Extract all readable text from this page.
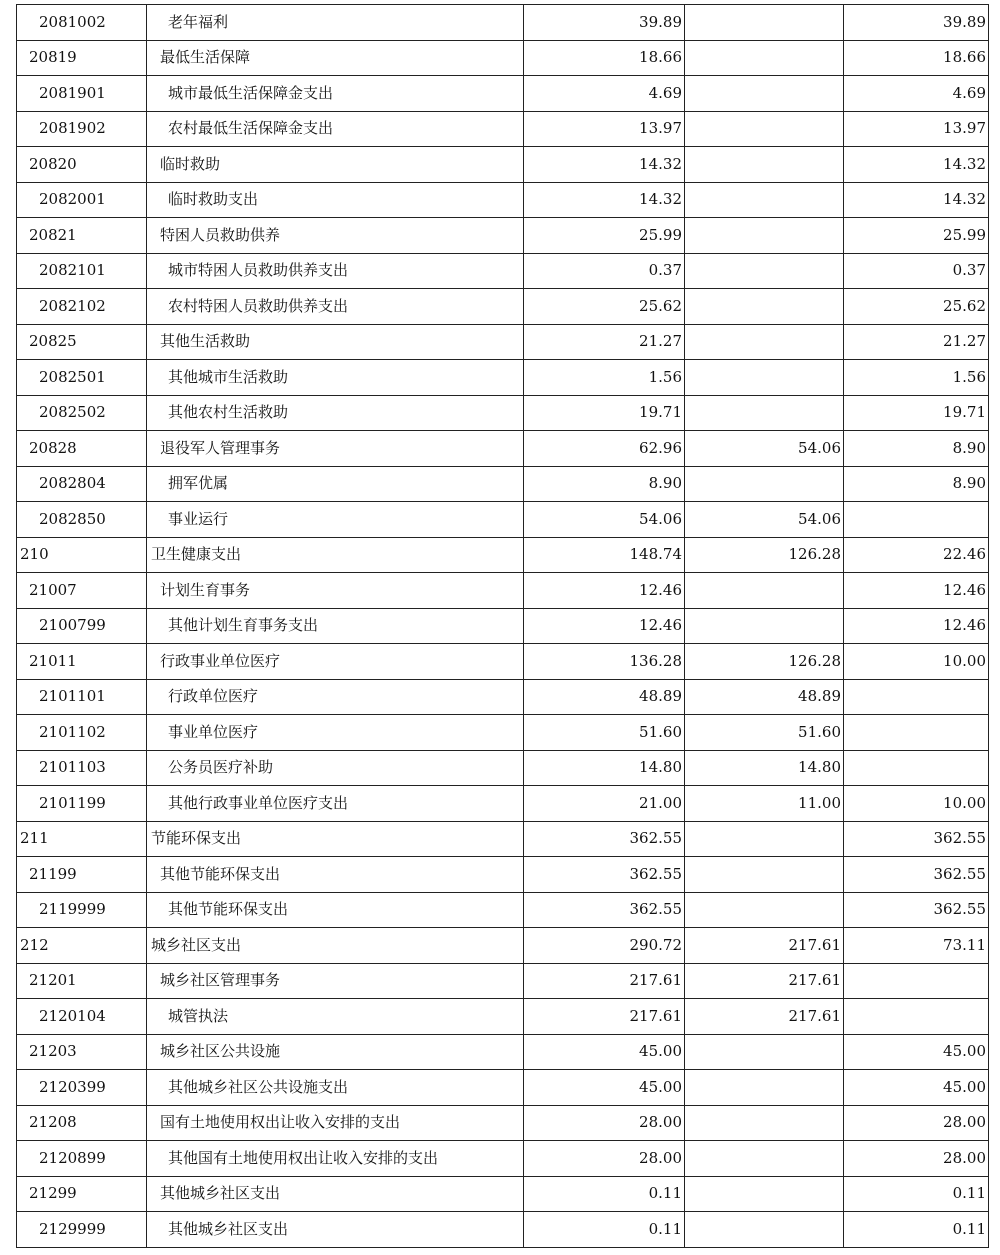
2081002	老年福利	39.89		39.89
20819	最低生活保障	18.66		18.66
2081901	城市最低生活保障金支出	4.69		4.69
2081902	农村最低生活保障金支出	13.97		13.97
20820	临时救助	14.32		14.32
2082001	临时救助支出	14.32		14.32
20821	特困人员救助供养	25.99		25.99
2082101	城市特困人员救助供养支出	0.37		0.37
2082102	农村特困人员救助供养支出	25.62		25.62
20825	其他生活救助	21.27		21.27
2082501	其他城市生活救助	1.56		1.56
2082502	其他农村生活救助	19.71		19.71
20828	退役军人管理事务	62.96	54.06	8.90
2082804	拥军优属	8.90		8.90
2082850	事业运行	54.06	54.06	
210	卫生健康支出	148.74	126.28	22.46
21007	计划生育事务	12.46		12.46
2100799	其他计划生育事务支出	12.46		12.46
21011	行政事业单位医疗	136.28	126.28	10.00
2101101	行政单位医疗	48.89	48.89	
2101102	事业单位医疗	51.60	51.60	
2101103	公务员医疗补助	14.80	14.80	
2101199	其他行政事业单位医疗支出	21.00	11.00	10.00
211	节能环保支出	362.55		362.55
21199	其他节能环保支出	362.55		362.55
2119999	其他节能环保支出	362.55		362.55
212	城乡社区支出	290.72	217.61	73.11
21201	城乡社区管理事务	217.61	217.61	
2120104	城管执法	217.61	217.61	
21203	城乡社区公共设施	45.00		45.00
2120399	其他城乡社区公共设施支出	45.00		45.00
21208	国有土地使用权出让收入安排的支出	28.00		28.00
2120899	其他国有土地使用权出让收入安排的支出	28.00		28.00
21299	其他城乡社区支出	0.11		0.11
2129999	其他城乡社区支出	0.11		0.11
